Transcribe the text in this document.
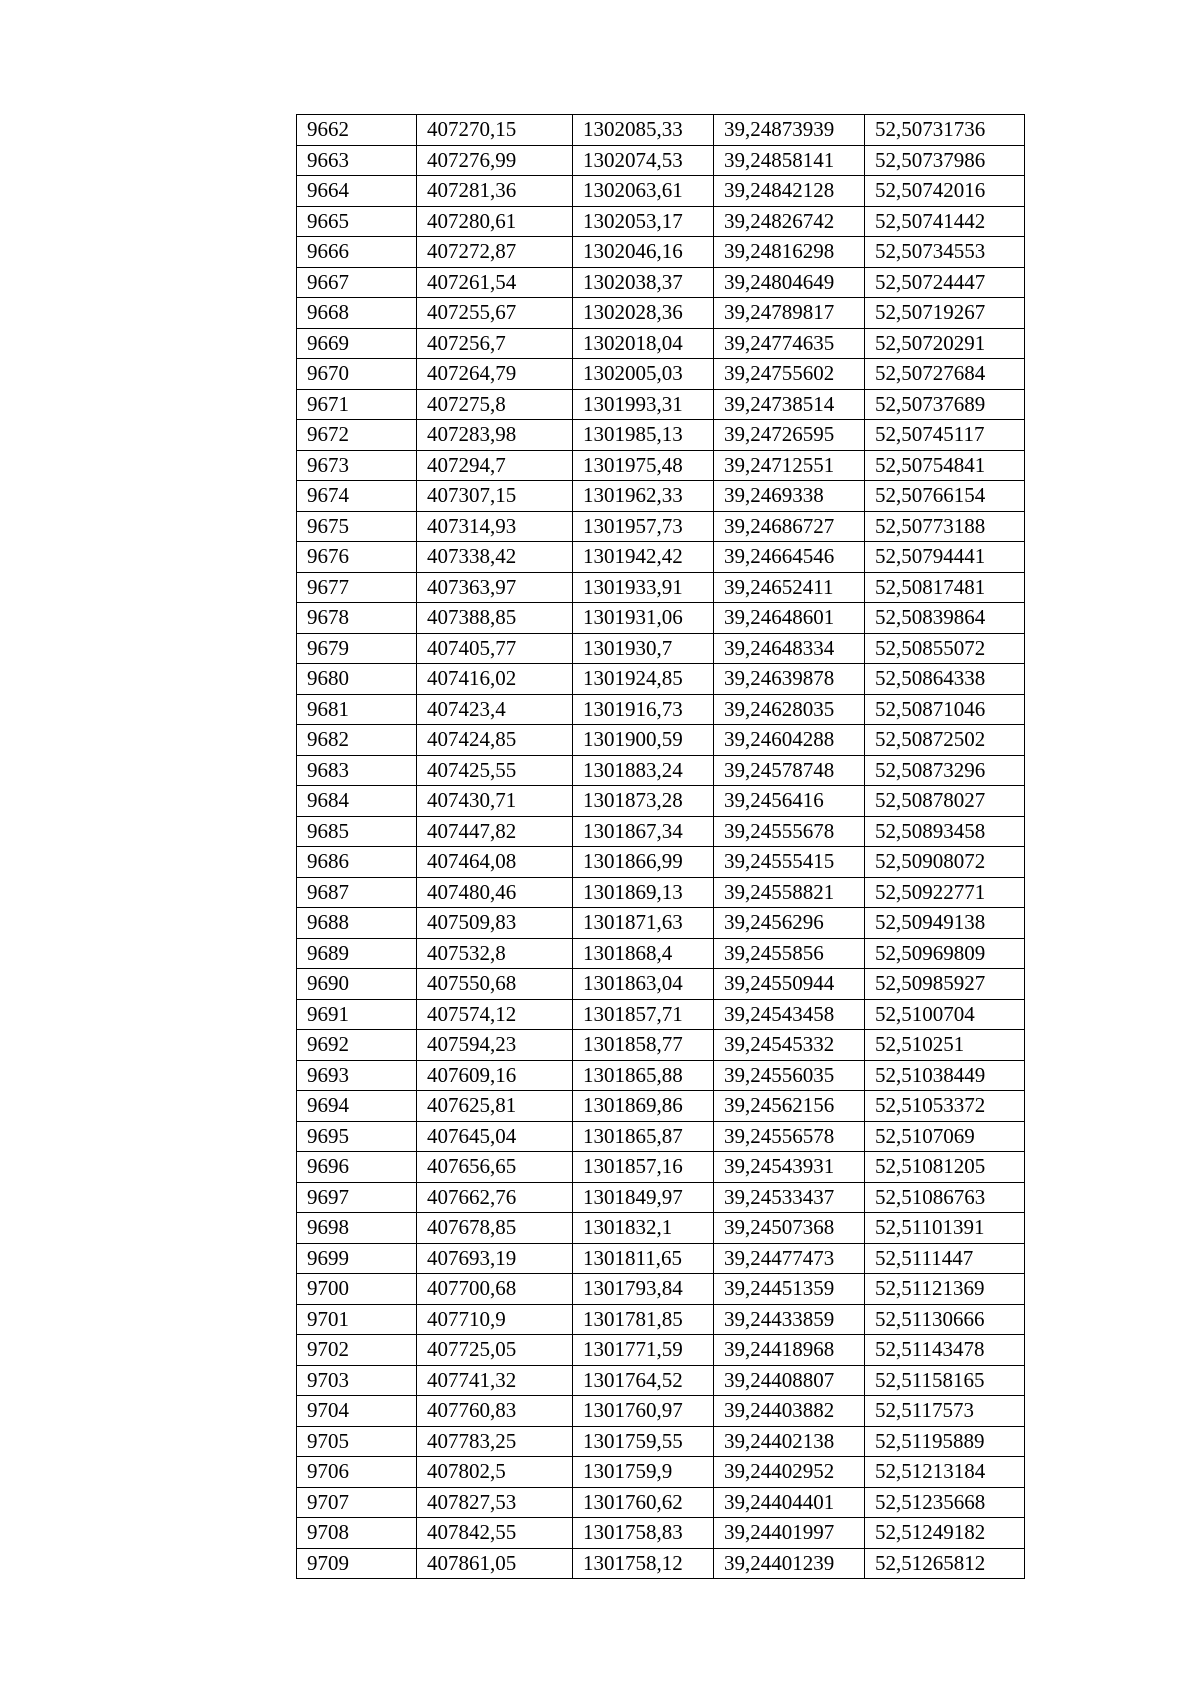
9662	407270,15	1302085,33	39,24873939	52,50731736
9663	407276,99	1302074,53	39,24858141	52,50737986
9664	407281,36	1302063,61	39,24842128	52,50742016
9665	407280,61	1302053,17	39,24826742	52,50741442
9666	407272,87	1302046,16	39,24816298	52,50734553
9667	407261,54	1302038,37	39,24804649	52,50724447
9668	407255,67	1302028,36	39,24789817	52,50719267
9669	407256,7	1302018,04	39,24774635	52,50720291
9670	407264,79	1302005,03	39,24755602	52,50727684
9671	407275,8	1301993,31	39,24738514	52,50737689
9672	407283,98	1301985,13	39,24726595	52,50745117
9673	407294,7	1301975,48	39,24712551	52,50754841
9674	407307,15	1301962,33	39,2469338	52,50766154
9675	407314,93	1301957,73	39,24686727	52,50773188
9676	407338,42	1301942,42	39,24664546	52,50794441
9677	407363,97	1301933,91	39,24652411	52,50817481
9678	407388,85	1301931,06	39,24648601	52,50839864
9679	407405,77	1301930,7	39,24648334	52,50855072
9680	407416,02	1301924,85	39,24639878	52,50864338
9681	407423,4	1301916,73	39,24628035	52,50871046
9682	407424,85	1301900,59	39,24604288	52,50872502
9683	407425,55	1301883,24	39,24578748	52,50873296
9684	407430,71	1301873,28	39,2456416	52,50878027
9685	407447,82	1301867,34	39,24555678	52,50893458
9686	407464,08	1301866,99	39,24555415	52,50908072
9687	407480,46	1301869,13	39,24558821	52,50922771
9688	407509,83	1301871,63	39,2456296	52,50949138
9689	407532,8	1301868,4	39,2455856	52,50969809
9690	407550,68	1301863,04	39,24550944	52,50985927
9691	407574,12	1301857,71	39,24543458	52,5100704
9692	407594,23	1301858,77	39,24545332	52,510251
9693	407609,16	1301865,88	39,24556035	52,51038449
9694	407625,81	1301869,86	39,24562156	52,51053372
9695	407645,04	1301865,87	39,24556578	52,5107069
9696	407656,65	1301857,16	39,24543931	52,51081205
9697	407662,76	1301849,97	39,24533437	52,51086763
9698	407678,85	1301832,1	39,24507368	52,51101391
9699	407693,19	1301811,65	39,24477473	52,5111447
9700	407700,68	1301793,84	39,24451359	52,51121369
9701	407710,9	1301781,85	39,24433859	52,51130666
9702	407725,05	1301771,59	39,24418968	52,51143478
9703	407741,32	1301764,52	39,24408807	52,51158165
9704	407760,83	1301760,97	39,24403882	52,5117573
9705	407783,25	1301759,55	39,24402138	52,51195889
9706	407802,5	1301759,9	39,24402952	52,51213184
9707	407827,53	1301760,62	39,24404401	52,51235668
9708	407842,55	1301758,83	39,24401997	52,51249182
9709	407861,05	1301758,12	39,24401239	52,51265812
